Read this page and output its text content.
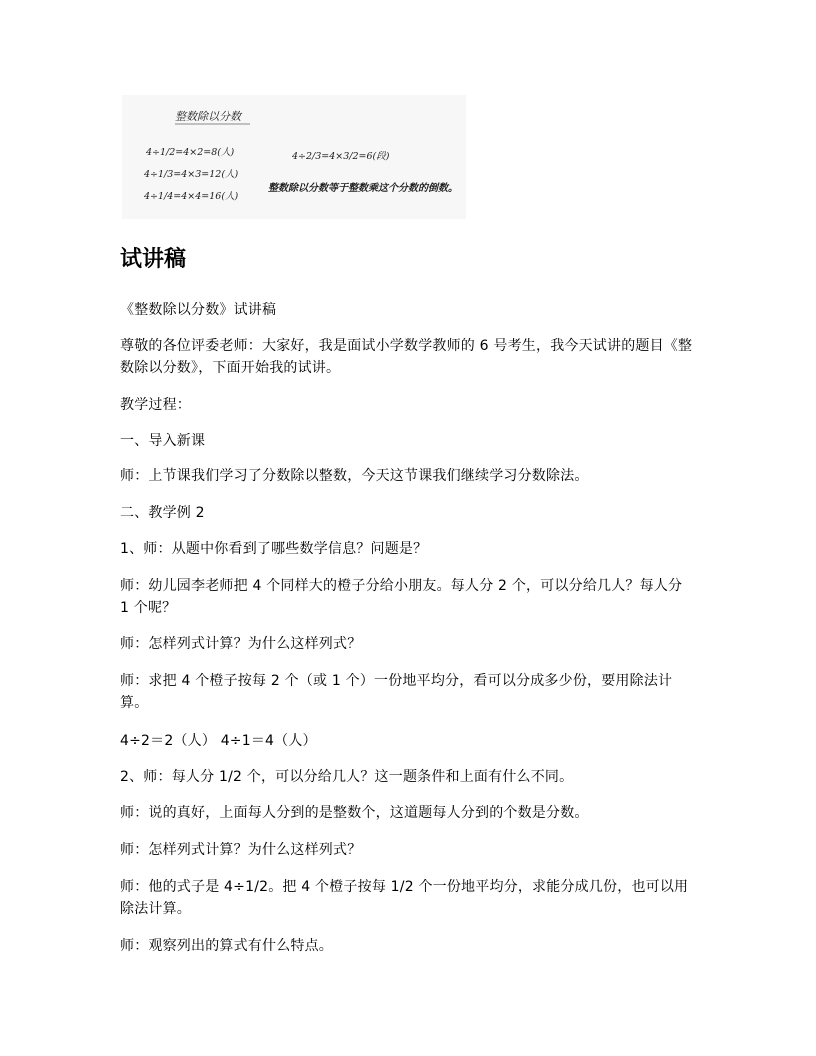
整数除以分数
4÷1/2=4×2=8(人)
4÷1/3=4×3=12(人)
4÷1/4=4×4=16(人)
4÷2/3=4×3/2=6(段)
整数除以分数等于整数乘这个分数的倒数。
试讲稿

《整数除以分数》试讲稿

尊敬的各位评委老师：大家好，我是面试小学数学教师的 6 号考生，我今天试讲的题目《整数除以分数》，下面开始我的试讲。

教学过程：

一、导入新课

师：上节课我们学习了分数除以整数，今天这节课我们继续学习分数除法。

二、教学例 2

1、师：从题中你看到了哪些数学信息？问题是？

师：幼儿园李老师把 4 个同样大的橙子分给小朋友。每人分 2 个，可以分给几人？每人分 1 个呢？

师：怎样列式计算？为什么这样列式？

师：求把 4 个橙子按每 2 个（或 1 个）一份地平均分，看可以分成多少份，要用除法计算。

4÷2＝2（人） 4÷1＝4（人）

2、师：每人分 1/2 个，可以分给几人？这一题条件和上面有什么不同。

师：说的真好，上面每人分到的是整数个，这道题每人分到的个数是分数。

师：怎样列式计算？为什么这样列式？

师：他的式子是 4÷1/2。把 4 个橙子按每 1/2 个一份地平均分，求能分成几份，也可以用除法计算。

师：观察列出的算式有什么特点。
